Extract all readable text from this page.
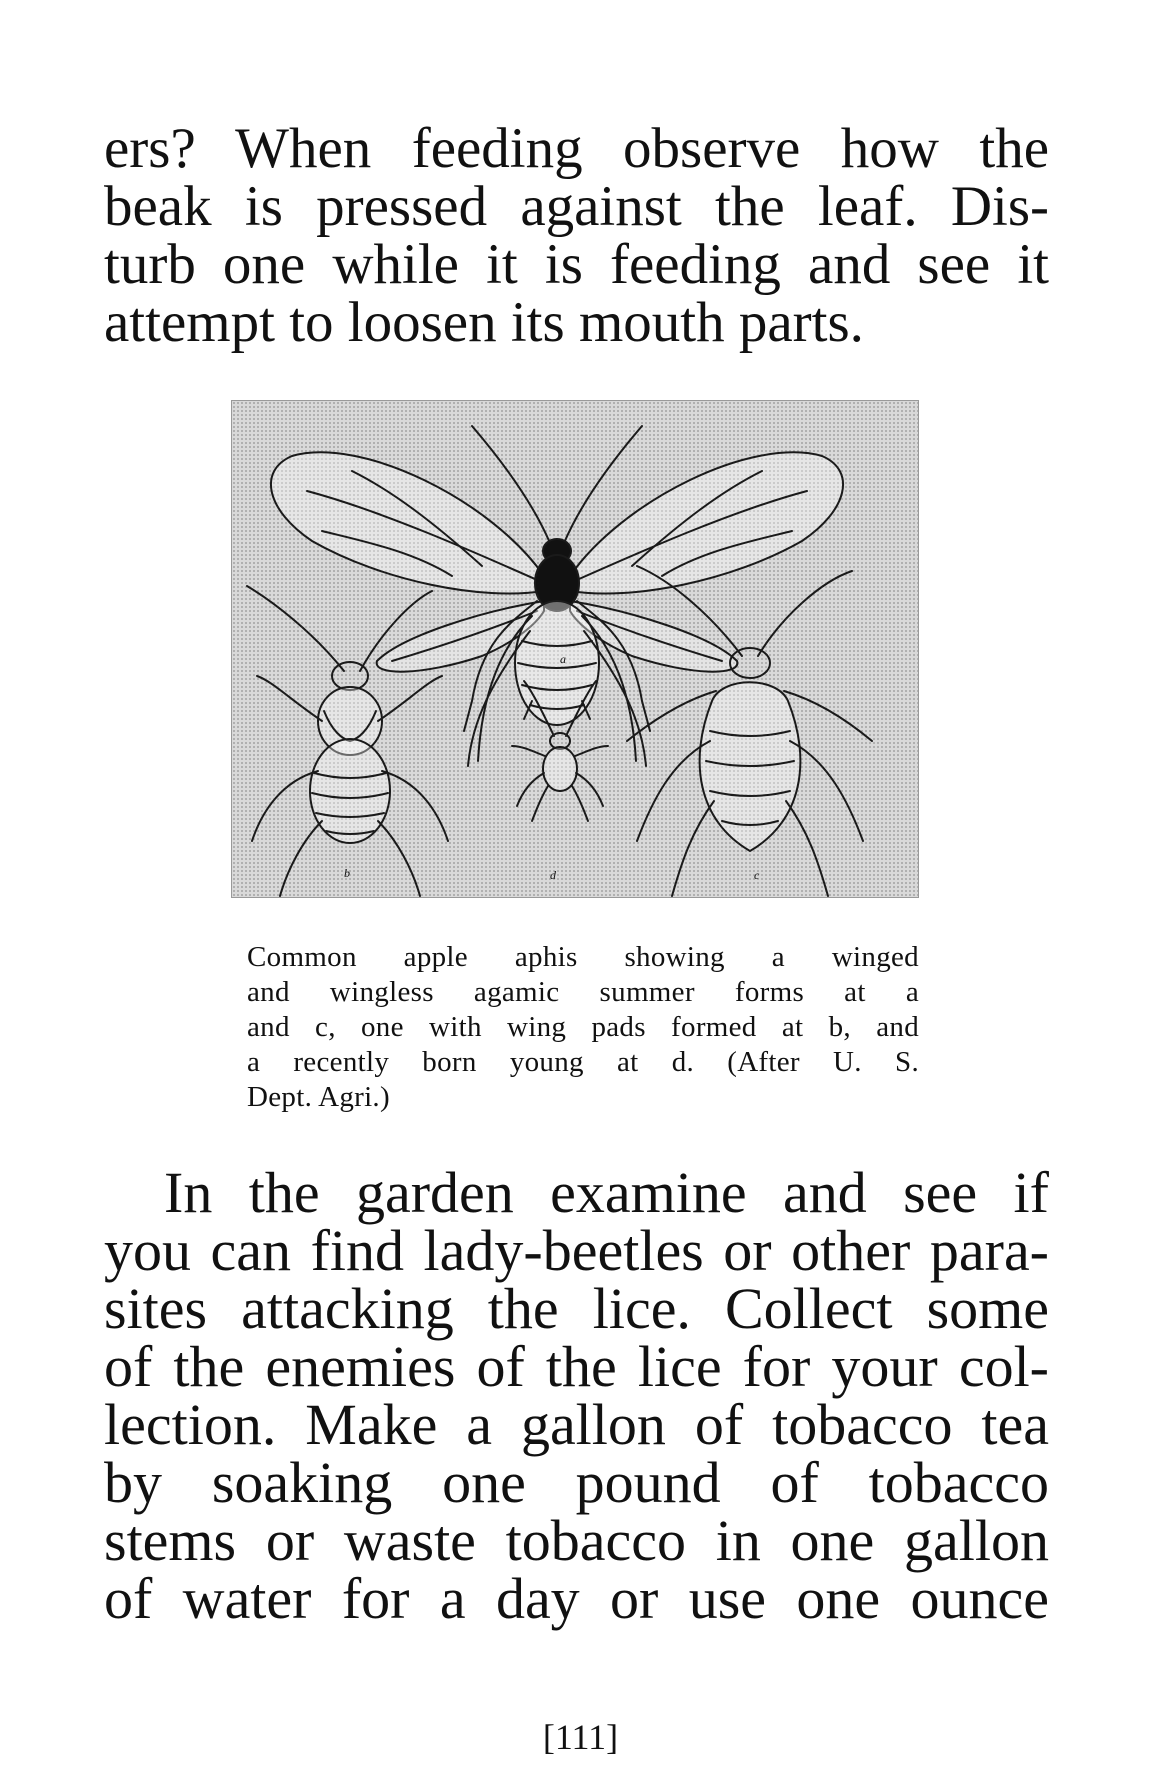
ers? When feeding observe how the
beak is pressed against the leaf. Dis-
turb one while it is feeding and see it
attempt to loosen its mouth parts.
a
b	d	c
Common apple aphis showing a winged
and wingless agamic summer forms at a
and c, one with wing pads formed at b, and
a recently born young at d. (After U. S.
Dept. Agri.)
In the garden examine and see if
you can find lady-beetles or other para-
sites attacking the lice. Collect some
of the enemies of the lice for your col-
lection. Make a gallon of tobacco tea
by soaking one pound of tobacco
stems or waste tobacco in one gallon
of water for a day or use one ounce
[111]
